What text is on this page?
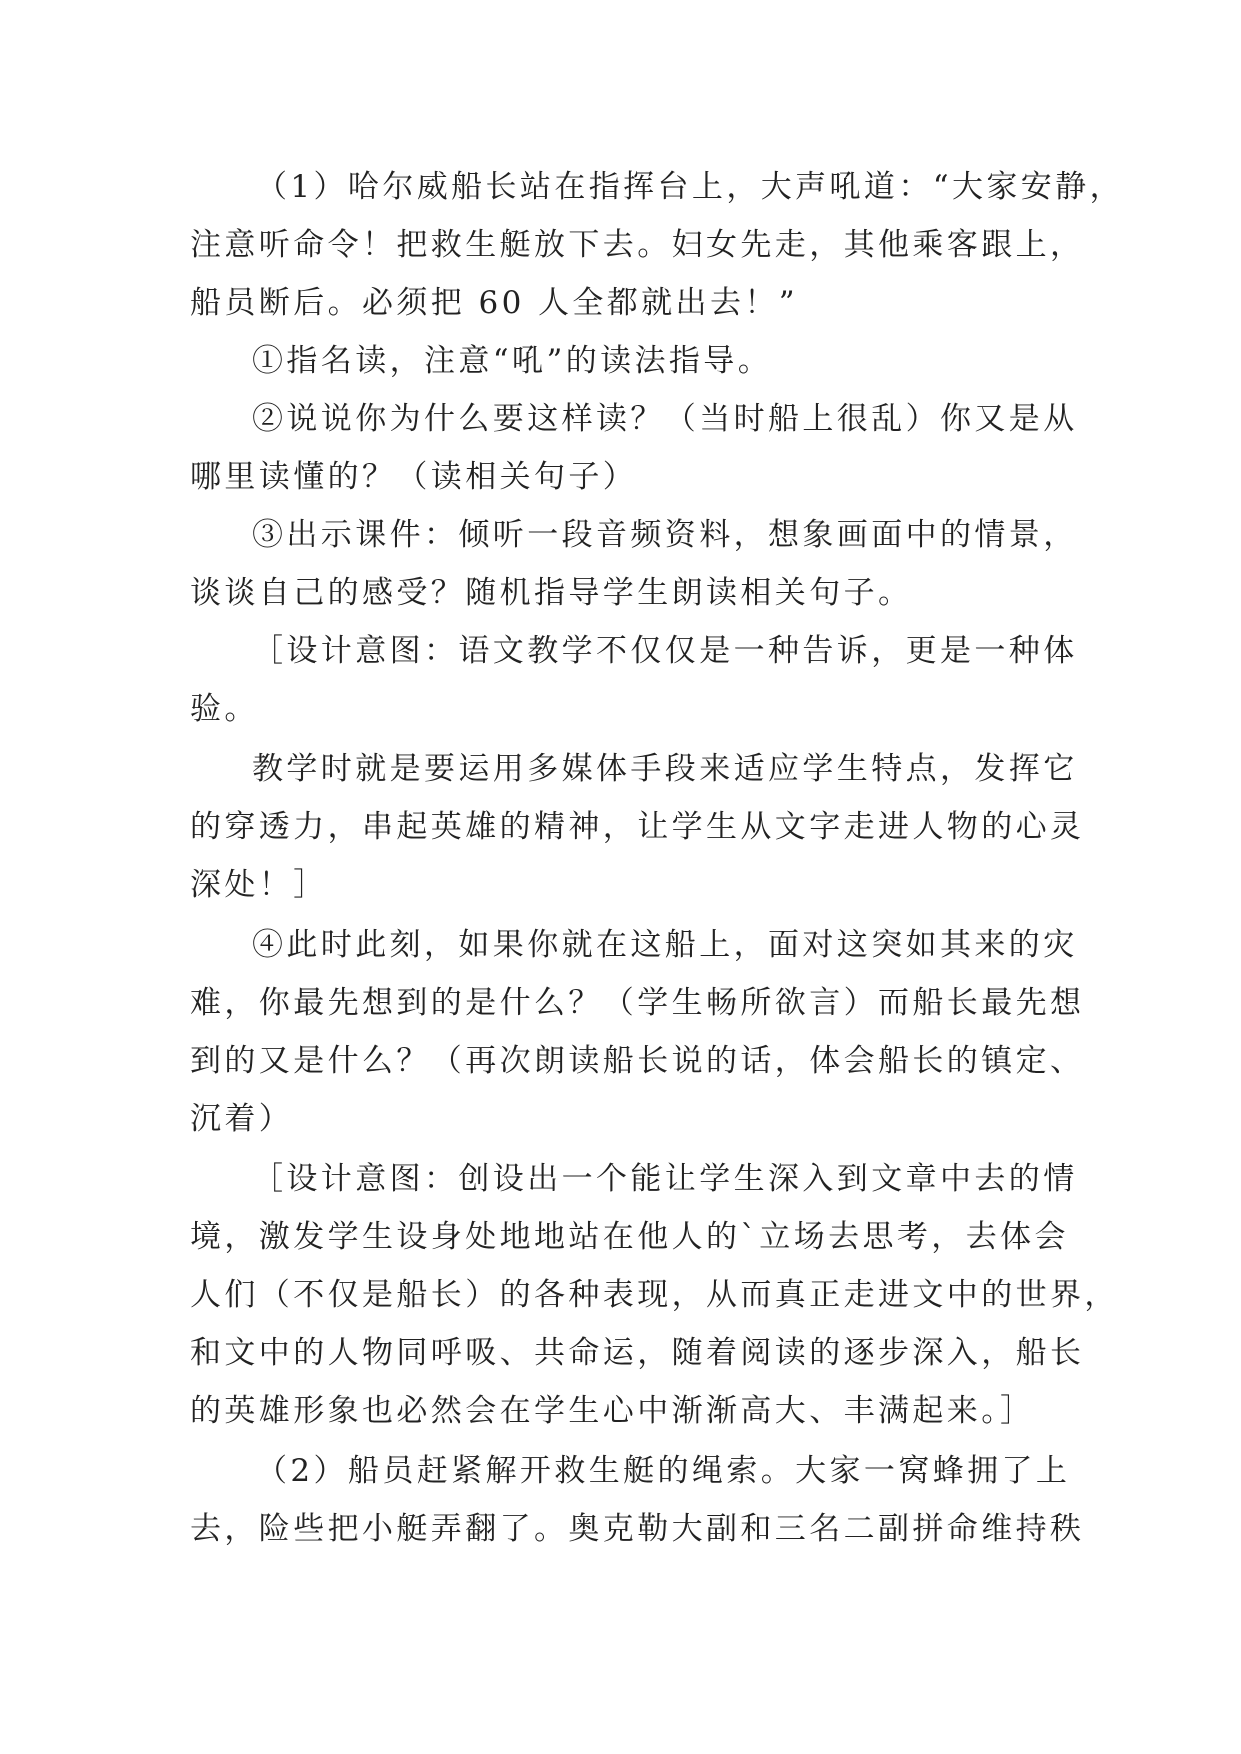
（1）哈尔威船长站在指挥台上，大声吼道：“大家安静，
注意听命令！把救生艇放下去。妇女先走，其他乘客跟上，
船员断后。必须把 60 人全都就出去！”
①指名读，注意“吼”的读法指导。
②说说你为什么要这样读？（当时船上很乱）你又是从
哪里读懂的？（读相关句子）
③出示课件：倾听一段音频资料，想象画面中的情景，
谈谈自己的感受？随机指导学生朗读相关句子。
［设计意图：语文教学不仅仅是一种告诉，更是一种体
验。
教学时就是要运用多媒体手段来适应学生特点，发挥它
的穿透力，串起英雄的精神，让学生从文字走进人物的心灵
深处！］
④此时此刻，如果你就在这船上，面对这突如其来的灾
难，你最先想到的是什么？（学生畅所欲言）而船长最先想
到的又是什么？（再次朗读船长说的话，体会船长的镇定、
沉着）
［设计意图：创设出一个能让学生深入到文章中去的情
境，激发学生设身处地地站在他人的`立场去思考，去体会
人们（不仅是船长）的各种表现，从而真正走进文中的世界，
和文中的人物同呼吸、共命运，随着阅读的逐步深入，船长
的英雄形象也必然会在学生心中渐渐高大、丰满起来。］
（2）船员赶紧解开救生艇的绳索。大家一窝蜂拥了上
去，险些把小艇弄翻了。奥克勒大副和三名二副拼命维持秩
